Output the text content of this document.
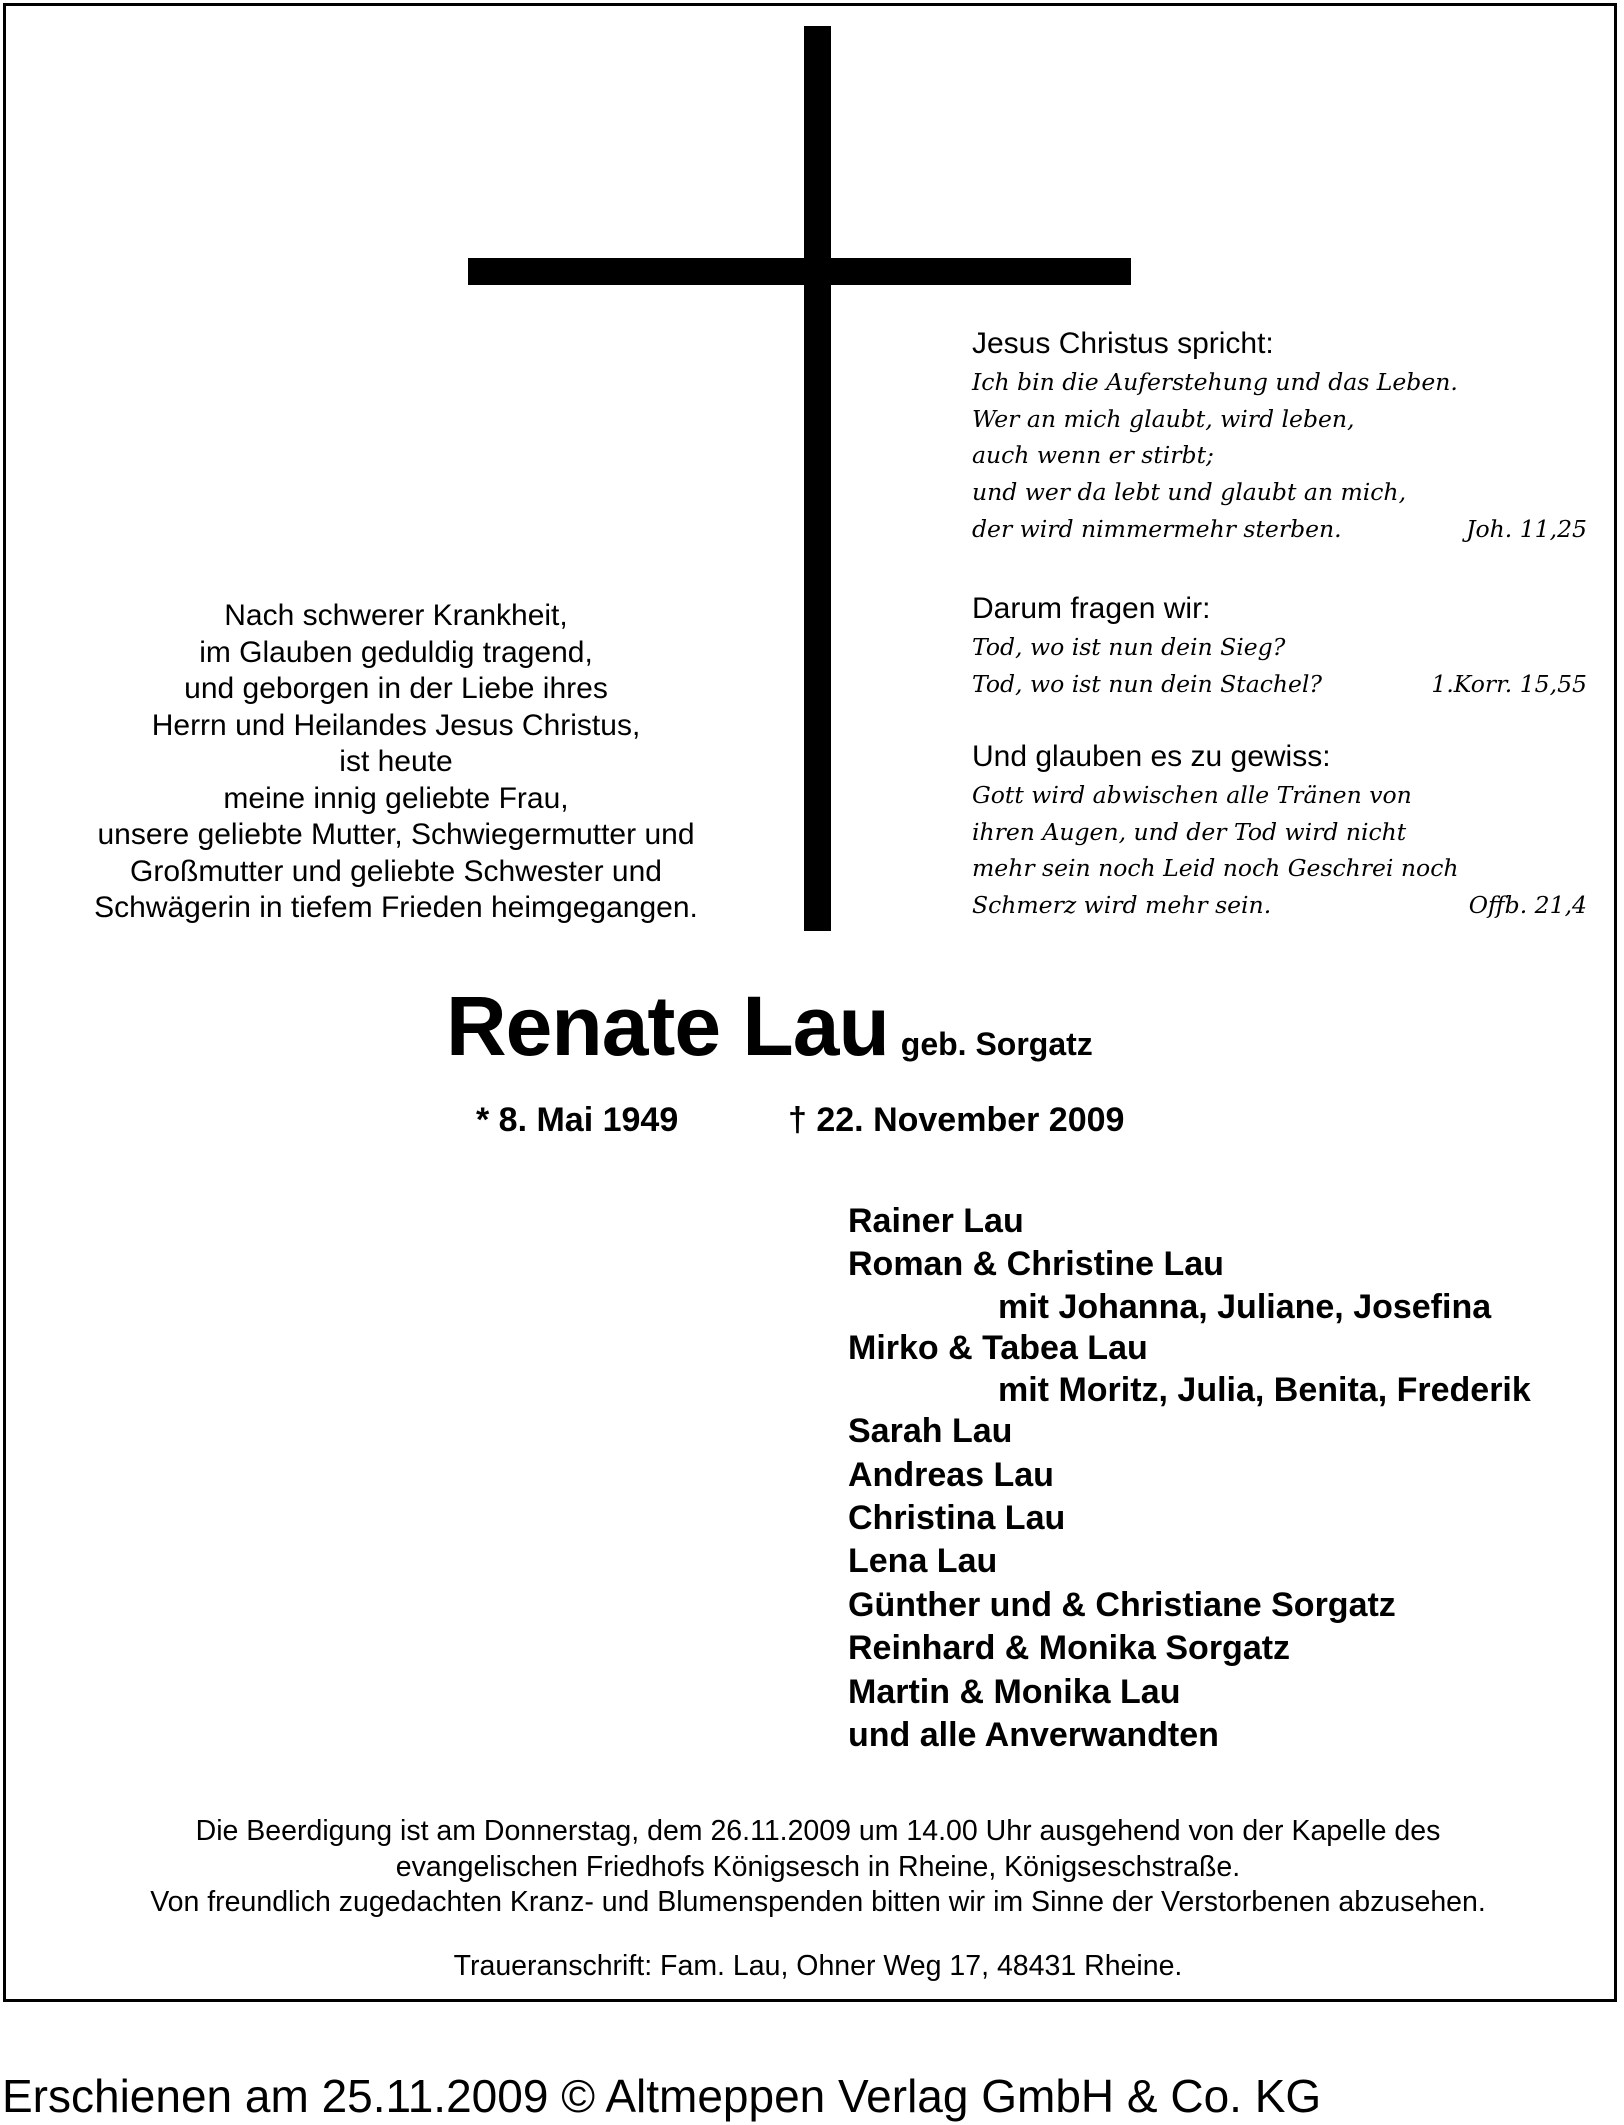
Nach schwerer Krankheit,
im Glauben geduldig tragend,
und geborgen in der Liebe ihres
Herrn und Heilandes Jesus Christus,
ist heute
meine innig geliebte Frau,
unsere geliebte Mutter, Schwiegermutter und
Großmutter und geliebte Schwester und
Schwägerin in tiefem Frieden heimgegangen.
Jesus Christus spricht:
Ich bin die Auferstehung und das Leben.
Wer an mich glaubt, wird leben,
auch wenn er stirbt;
und wer da lebt und glaubt an mich,
der wird nimmermehr sterben.	Joh. 11,25
Darum fragen wir:
Tod, wo ist nun dein Sieg?
Tod, wo ist nun dein Stachel?	1.Korr. 15,55
Und glauben es zu gewiss:
Gott wird abwischen alle Tränen von
ihren Augen, und der Tod wird nicht
mehr sein noch Leid noch Geschrei noch
Schmerz wird mehr sein.	Offb. 21,4
Renate Lau geb. Sorgatz
* 8. Mai 1949	† 22. November 2009
Rainer Lau
Roman & Christine Lau
mit Johanna, Juliane, Josefina
Mirko & Tabea Lau
mit Moritz, Julia, Benita, Frederik
Sarah Lau
Andreas Lau
Christina Lau
Lena Lau
Günther und & Christiane Sorgatz
Reinhard & Monika Sorgatz
Martin & Monika Lau
und alle Anverwandten
Die Beerdigung ist am Donnerstag, dem 26.11.2009 um 14.00 Uhr ausgehend von der Kapelle des
evangelischen Friedhofs Königsesch in Rheine, Königseschstraße.
Von freundlich zugedachten Kranz- und Blumenspenden bitten wir im Sinne der Verstorbenen abzusehen.
Traueranschrift: Fam. Lau, Ohner Weg 17, 48431 Rheine.
Erschienen am 25.11.2009 © Altmeppen Verlag GmbH & Co. KG
